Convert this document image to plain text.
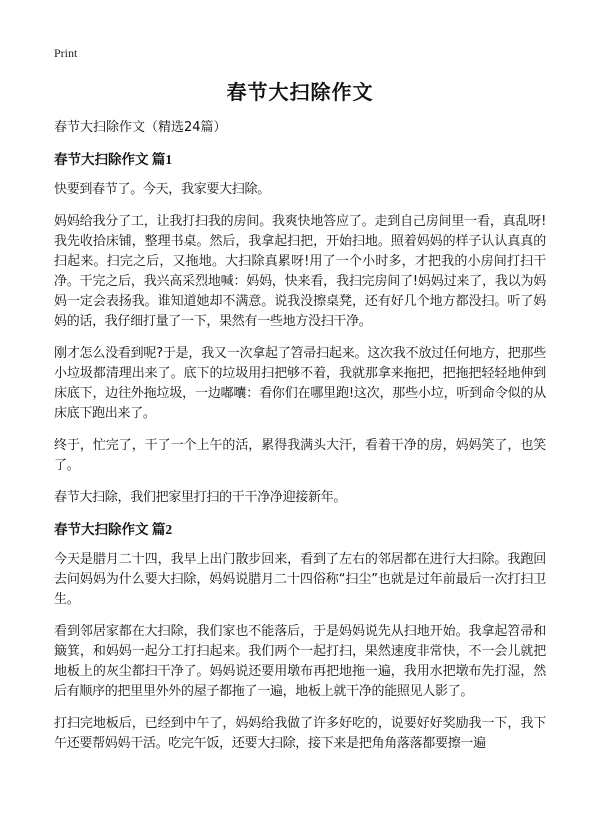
Print
春节大扫除作文

春节大扫除作文（精选24篇）

春节大扫除作文 篇1

快要到春节了。今天，我家要大扫除。

妈妈给我分了工，让我打扫我的房间。我爽快地答应了。走到自己房间里一看，真乱呀!我先收拾床铺，整理书桌。然后，我拿起扫把，开始扫地。照着妈妈的样子认认真真的扫起来。扫完之后，又拖地。大扫除真累呀!用了一个小时多，才把我的小房间打扫干净。干完之后，我兴高采烈地喊：妈妈，快来看，我扫完房间了!妈妈过来了，我以为妈妈一定会表扬我。谁知道她却不满意。说我没擦桌凳，还有好几个地方都没扫。听了妈妈的话，我仔细打量了一下，果然有一些地方没扫干净。

刚才怎么没看到呢?于是，我又一次拿起了笤帚扫起来。这次我不放过任何地方，把那些小垃圾都清理出来了。底下的垃圾用扫把够不着，我就那拿来拖把，把拖把轻轻地伸到床底下，边往外拖垃圾，一边嘟囔：看你们在哪里跑!这次，那些小垃，听到命令似的从床底下跑出来了。

终于，忙完了，干了一个上午的活，累得我满头大汗，看着干净的房，妈妈笑了，也笑了。

春节大扫除，我们把家里打扫的干干净净迎接新年。

春节大扫除作文 篇2

今天是腊月二十四，我早上出门散步回来，看到了左右的邻居都在进行大扫除。我跑回去问妈妈为什么要大扫除，妈妈说腊月二十四俗称“扫尘”也就是过年前最后一次打扫卫生。

看到邻居家都在大扫除，我们家也不能落后，于是妈妈说先从扫地开始。我拿起笤帚和簸箕，和妈妈一起分工打扫起来。我们两个一起打扫，果然速度非常快，不一会儿就把地板上的灰尘都扫干净了。妈妈说还要用墩布再把地拖一遍，我用水把墩布先打湿，然后有顺序的把里里外外的屋子都拖了一遍，地板上就干净的能照见人影了。

打扫完地板后，已经到中午了，妈妈给我做了许多好吃的，说要好好奖励我一下，我下午还要帮妈妈干活。吃完午饭，还要大扫除，接下来是把角角落落都要擦一遍
